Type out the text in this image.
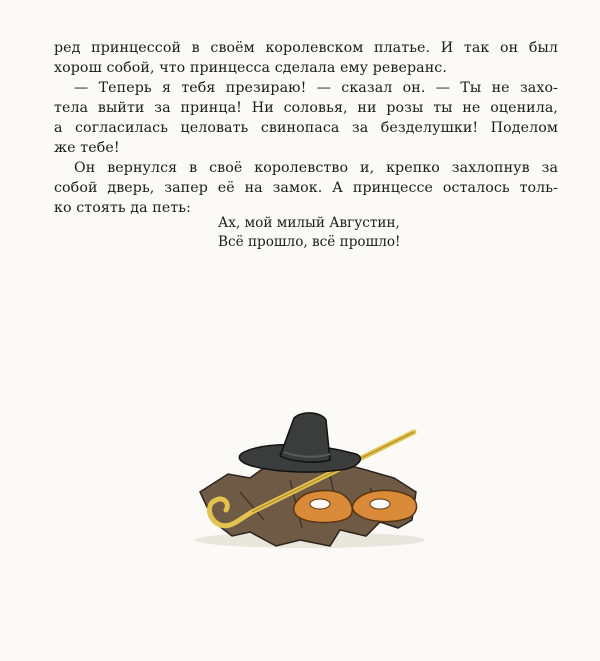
ред принцессой в своём королевском платье. И так он был
хорош собой, что принцесса сделала ему реверанс.
— Теперь я тебя презираю! — сказал он. — Ты не захо-
тела выйти за принца! Ни соловья, ни розы ты не оценила,
а согласилась целовать свинопаса за безделушки! Поделом
же тебе!
Он вернулся в своё королевство и, крепко захлопнув за
собой дверь, запер её на замок. А принцессе осталось толь-
ко стоять да петь:
Ах, мой милый Августин,
Всё прошло, всё прошло!
